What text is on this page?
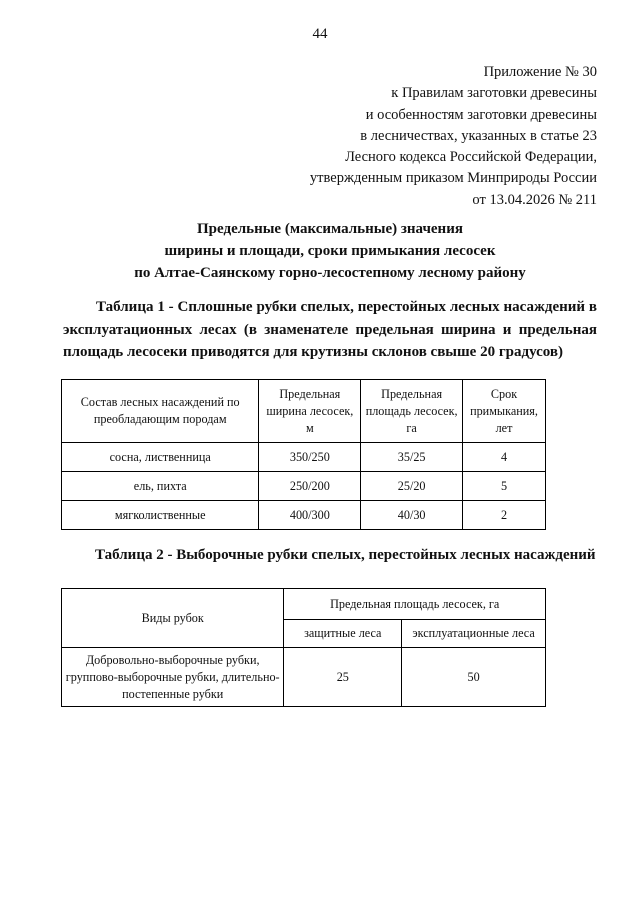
44
Приложение № 30
к Правилам заготовки древесины
и особенностям заготовки древесины
в лесничествах, указанных в статье 23
Лесного кодекса Российской Федерации,
утвержденным приказом Минприроды России
от 13.04.2026 № 211
Предельные (максимальные) значения
ширины и площади, сроки примыкания лесосек
по Алтае-Саянскому горно-лесостепному лесному району
Таблица 1 - Сплошные рубки спелых, перестойных лесных насаждений в эксплуатационных лесах (в знаменателе предельная ширина и предельная площадь лесосеки приводятся для крутизны склонов свыше 20 градусов)
Состав лесных насаждений по преобладающим породам	Предельная ширина лесосек, м	Предельная площадь лесосек, га	Срок примыкания, лет
сосна, лиственница	350/250	35/25	4
ель, пихта	250/200	25/20	5
мягколиственные	400/300	40/30	2
Таблица 2 - Выборочные рубки спелых, перестойных лесных насаждений
Виды рубок	Предельная площадь лесосек, га	
	защитные леса	эксплуатационные леса
Добровольно-выборочные рубки, группово-выборочные рубки, длительно-постепенные рубки	25	50
